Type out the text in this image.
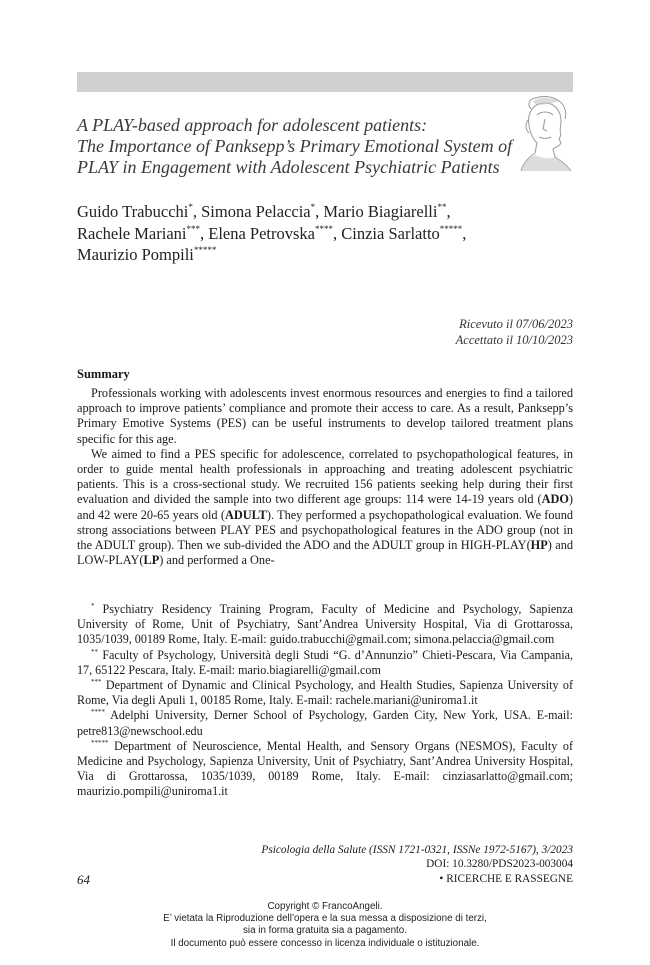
A PLAY-based approach for adolescent patients:
The Importance of Panksepp’s Primary Emotional System of
PLAY in Engagement with Adolescent Psychiatric Patients
Guido Trabucchi*, Simona Pelaccia*, Mario Biagiarelli**,
Rachele Mariani***, Elena Petrovska****, Cinzia Sarlatto*****,
Maurizio Pompili*****
Ricevuto il 07/06/2023
Accettato il 10/10/2023
Summary

Professionals working with adolescents invest enormous resources and energies to find a tailored approach to improve patients’ compliance and promote their access to care. As a result, Panksepp’s Primary Emotive Systems (PES) can be useful instruments to develop tailored treatment plans specific for this age.

We aimed to find a PES specific for adolescence, correlated to psychopathological features, in order to guide mental health professionals in approaching and treating adolescent psychiatric patients. This is a cross-sectional study. We recruited 156 patients seeking help during their first evaluation and divided the sample into two different age groups: 114 were 14-19 years old (ADO) and 42 were 20-65 years old (ADULT). They performed a psychopathological evaluation. We found strong associations between PLAY PES and psychopathological features in the ADO group (not in the ADULT group). Then we sub-divided the ADO and the ADULT group in HIGH-PLAY(HP) and LOW-PLAY(LP) and performed a One-

* Psychiatry Residency Training Program, Faculty of Medicine and Psychology, Sapienza University of Rome, Unit of Psychiatry, Sant’Andrea University Hospital, Via di Grottarossa, 1035/1039, 00189 Rome, Italy. E-mail: guido.trabucchi@gmail.com; simona.pelaccia@gmail.com

** Faculty of Psychology, Università degli Studi “G. d’Annunzio” Chieti-Pescara, Via Campania, 17, 65122 Pescara, Italy. E-mail: mario.biagiarelli@gmail.com

*** Department of Dynamic and Clinical Psychology, and Health Studies, Sapienza University of Rome, Via degli Apuli 1, 00185 Rome, Italy. E-mail: rachele.mariani@uniroma1.it

**** Adelphi University, Derner School of Psychology, Garden City, New York, USA. E-mail: petre813@newschool.edu

***** Department of Neuroscience, Mental Health, and Sensory Organs (NESMOS), Faculty of Medicine and Psychology, Sapienza University, Unit of Psychiatry, Sant’Andrea University Hospital, Via di Grottarossa, 1035/1039, 00189 Rome, Italy. E-mail: cinziasarlatto@gmail.com; maurizio.pompili@uniroma1.it

Psicologia della Salute (ISSN 1721-0321, ISSNe 1972-5167), 3/2023
DOI: 10.3280/PDS2023-003004
64	• RICERCHE E RASSEGNE
Copyright © FrancoAngeli.
E’ vietata la Riproduzione dell’opera e la sua messa a disposizione di terzi,
sia in forma gratuita sia a pagamento.
Il documento può essere concesso in licenza individuale o istituzionale.
